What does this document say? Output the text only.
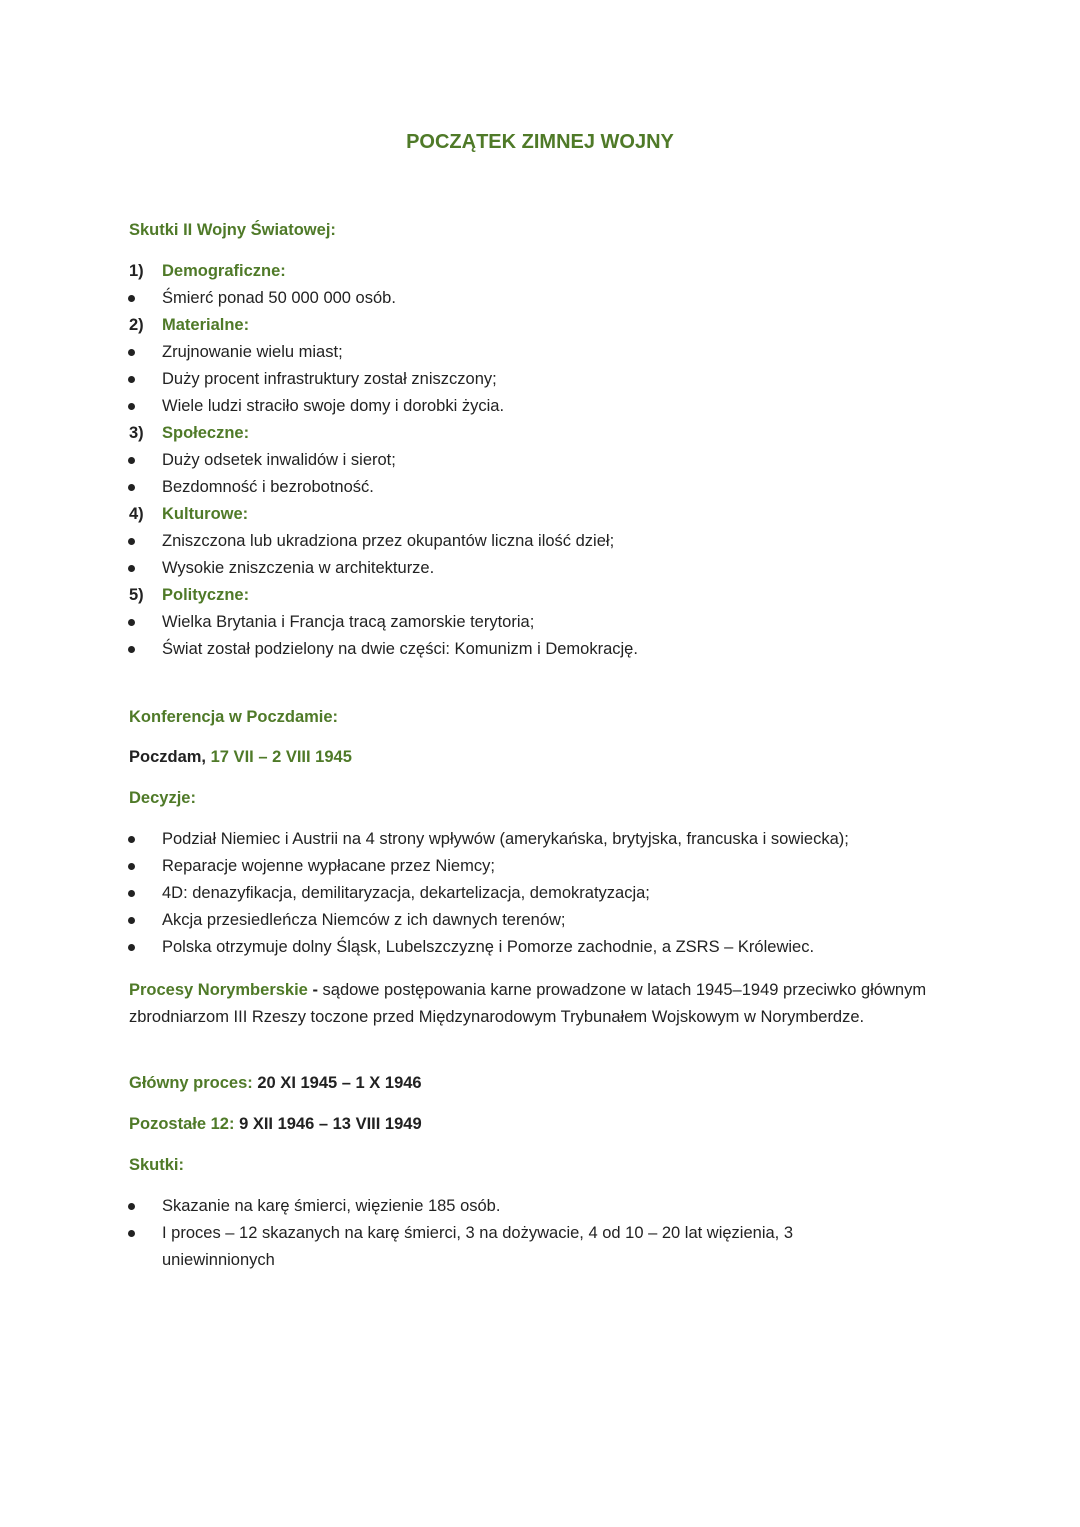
POCZĄTEK ZIMNEJ WOJNY
Skutki II Wojny Światowej:
1) Demograficzne:
Śmierć ponad 50 000 000 osób.
2) Materialne:
Zrujnowanie wielu miast;
Duży procent infrastruktury został zniszczony;
Wiele ludzi straciło swoje domy i dorobki życia.
3) Społeczne:
Duży odsetek inwalidów i sierot;
Bezdomność i bezrobotność.
4) Kulturowe:
Zniszczona lub ukradziona przez okupantów liczna ilość dzieł;
Wysokie zniszczenia w architekturze.
5) Polityczne:
Wielka Brytania i Francja tracą zamorskie terytoria;
Świat został podzielony na dwie części: Komunizm i Demokrację.
Konferencja w Poczdamie:
Poczdam, 17 VII – 2 VIII 1945
Decyzje:
Podział Niemiec i Austrii na 4 strony wpływów (amerykańska, brytyjska, francuska i sowiecka);
Reparacje wojenne wypłacane przez Niemcy;
4D: denazyfikacja, demilitaryzacja, dekartelizacja, demokratyzacja;
Akcja przesiedleńcza Niemców z ich dawnych terenów;
Polska otrzymuje dolny Śląsk, Lubelszczyznę i Pomorze zachodnie, a ZSRS – Królewiec.
Procesy Norymberskie - sądowe postępowania karne prowadzone w latach 1945–1949 przeciwko głównym zbrodniarzom III Rzeszy toczone przed Międzynarodowym Trybunałem Wojskowym w Norymberdze.
Główny proces: 20 XI 1945 – 1 X 1946
Pozostałe 12: 9 XII 1946 – 13 VIII 1949
Skutki:
Skazanie na karę śmierci, więzienie 185 osób.
I proces – 12 skazanych na karę śmierci, 3 na dożywacie, 4 od 10 – 20 lat więzienia, 3
uniewinnionych
